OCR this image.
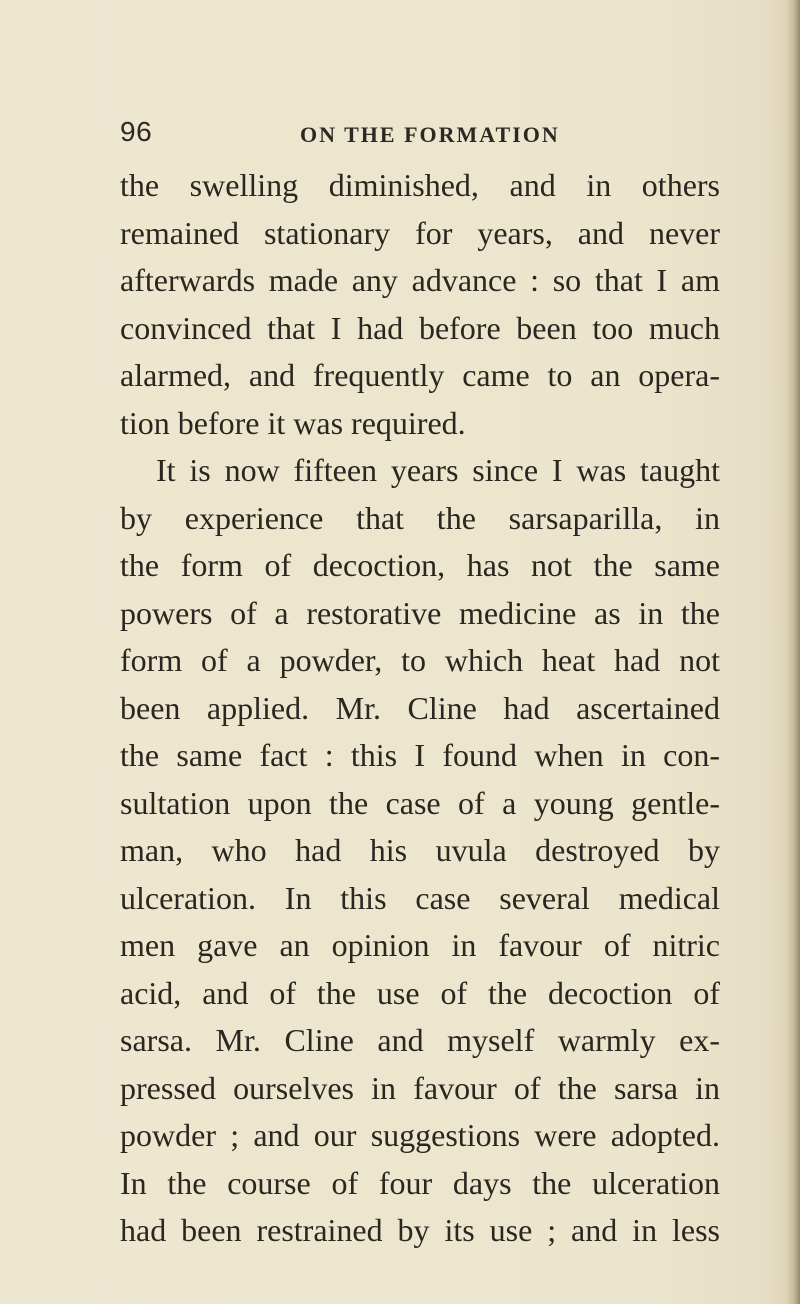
96	ON THE FORMATION
the swelling diminished, and in others
remained stationary for years, and never
afterwards made any advance : so that I am
convinced that I had before been too much
alarmed, and frequently came to an opera-
tion before it was required.
It is now fifteen years since I was taught
by experience that the sarsaparilla, in
the form of decoction, has not the same
powers of a restorative medicine as in the
form of a powder, to which heat had not
been applied. Mr. Cline had ascertained
the same fact : this I found when in con-
sultation upon the case of a young gentle-
man, who had his uvula destroyed by
ulceration. In this case several medical
men gave an opinion in favour of nitric
acid, and of the use of the decoction of
sarsa. Mr. Cline and myself warmly ex-
pressed ourselves in favour of the sarsa in
powder ; and our suggestions were adopted.
In the course of four days the ulceration
had been restrained by its use ; and in less
